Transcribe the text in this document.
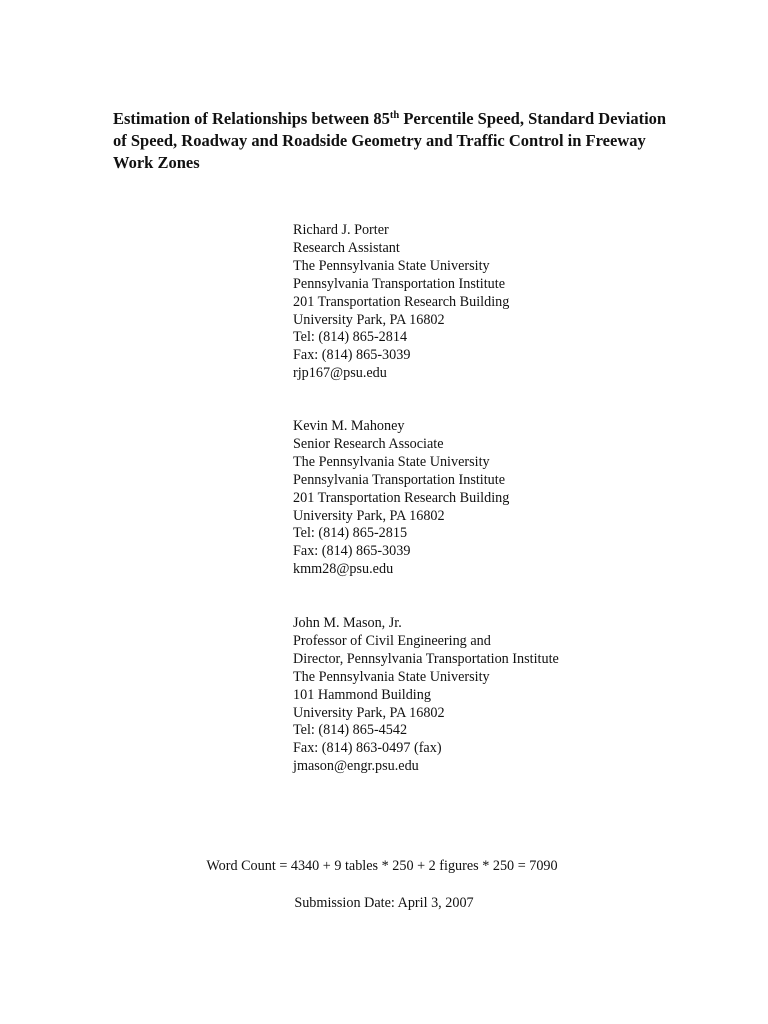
Estimation of Relationships between 85th Percentile Speed, Standard Deviation of Speed, Roadway and Roadside Geometry and Traffic Control in Freeway Work Zones
Richard J. Porter
Research Assistant
The Pennsylvania State University
Pennsylvania Transportation Institute
201 Transportation Research Building
University Park, PA 16802
Tel: (814) 865-2814
Fax: (814) 865-3039
rjp167@psu.edu
Kevin M. Mahoney
Senior Research Associate
The Pennsylvania State University
Pennsylvania Transportation Institute
201 Transportation Research Building
University Park, PA 16802
Tel: (814) 865-2815
Fax: (814) 865-3039
kmm28@psu.edu
John M. Mason, Jr.
Professor of Civil Engineering and
Director, Pennsylvania Transportation Institute
The Pennsylvania State University
101 Hammond Building
University Park, PA 16802
Tel: (814) 865-4542
Fax: (814) 863-0497 (fax)
jmason@engr.psu.edu
Word Count = 4340 + 9 tables * 250 + 2 figures * 250 = 7090
Submission Date: April 3, 2007
